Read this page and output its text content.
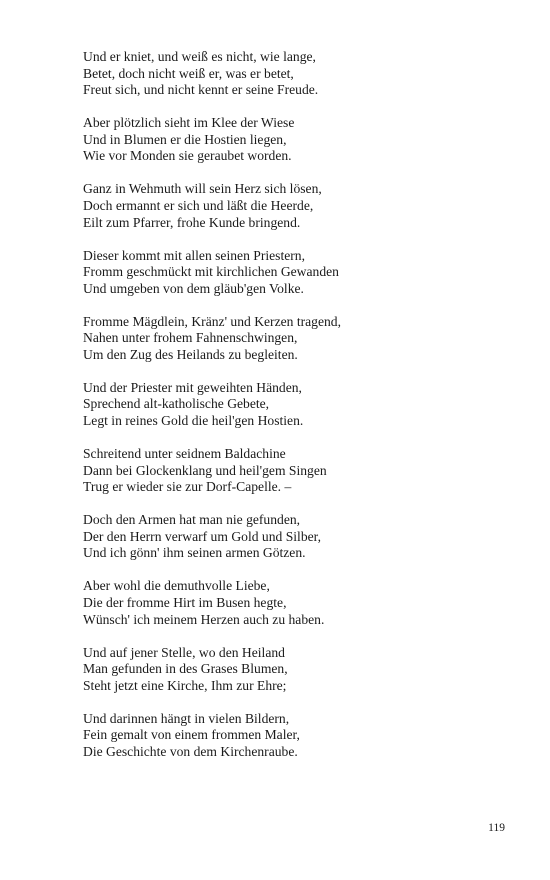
Und er kniet, und weiß es nicht, wie lange,
Betet, doch nicht weiß er, was er betet,
Freut sich, und nicht kennt er seine Freude.
Aber plötzlich sieht im Klee der Wiese
Und in Blumen er die Hostien liegen,
Wie vor Monden sie geraubet worden.
Ganz in Wehmuth will sein Herz sich lösen,
Doch ermannt er sich und läßt die Heerde,
Eilt zum Pfarrer, frohe Kunde bringend.
Dieser kommt mit allen seinen Priestern,
Fromm geschmückt mit kirchlichen Gewanden
Und umgeben von dem gläub'gen Volke.
Fromme Mägdlein, Kränz' und Kerzen tragend,
Nahen unter frohem Fahnenschwingen,
Um den Zug des Heilands zu begleiten.
Und der Priester mit geweihten Händen,
Sprechend alt-katholische Gebete,
Legt in reines Gold die heil'gen Hostien.
Schreitend unter seidnem Baldachine
Dann bei Glockenklang und heil'gem Singen
Trug er wieder sie zur Dorf-Capelle. –
Doch den Armen hat man nie gefunden,
Der den Herrn verwarf um Gold und Silber,
Und ich gönn' ihm seinen armen Götzen.
Aber wohl die demuthvolle Liebe,
Die der fromme Hirt im Busen hegte,
Wünsch' ich meinem Herzen auch zu haben.
Und auf jener Stelle, wo den Heiland
Man gefunden in des Grases Blumen,
Steht jetzt eine Kirche, Ihm zur Ehre;
Und darinnen hängt in vielen Bildern,
Fein gemalt von einem frommen Maler,
Die Geschichte von dem Kirchenraube.
119
